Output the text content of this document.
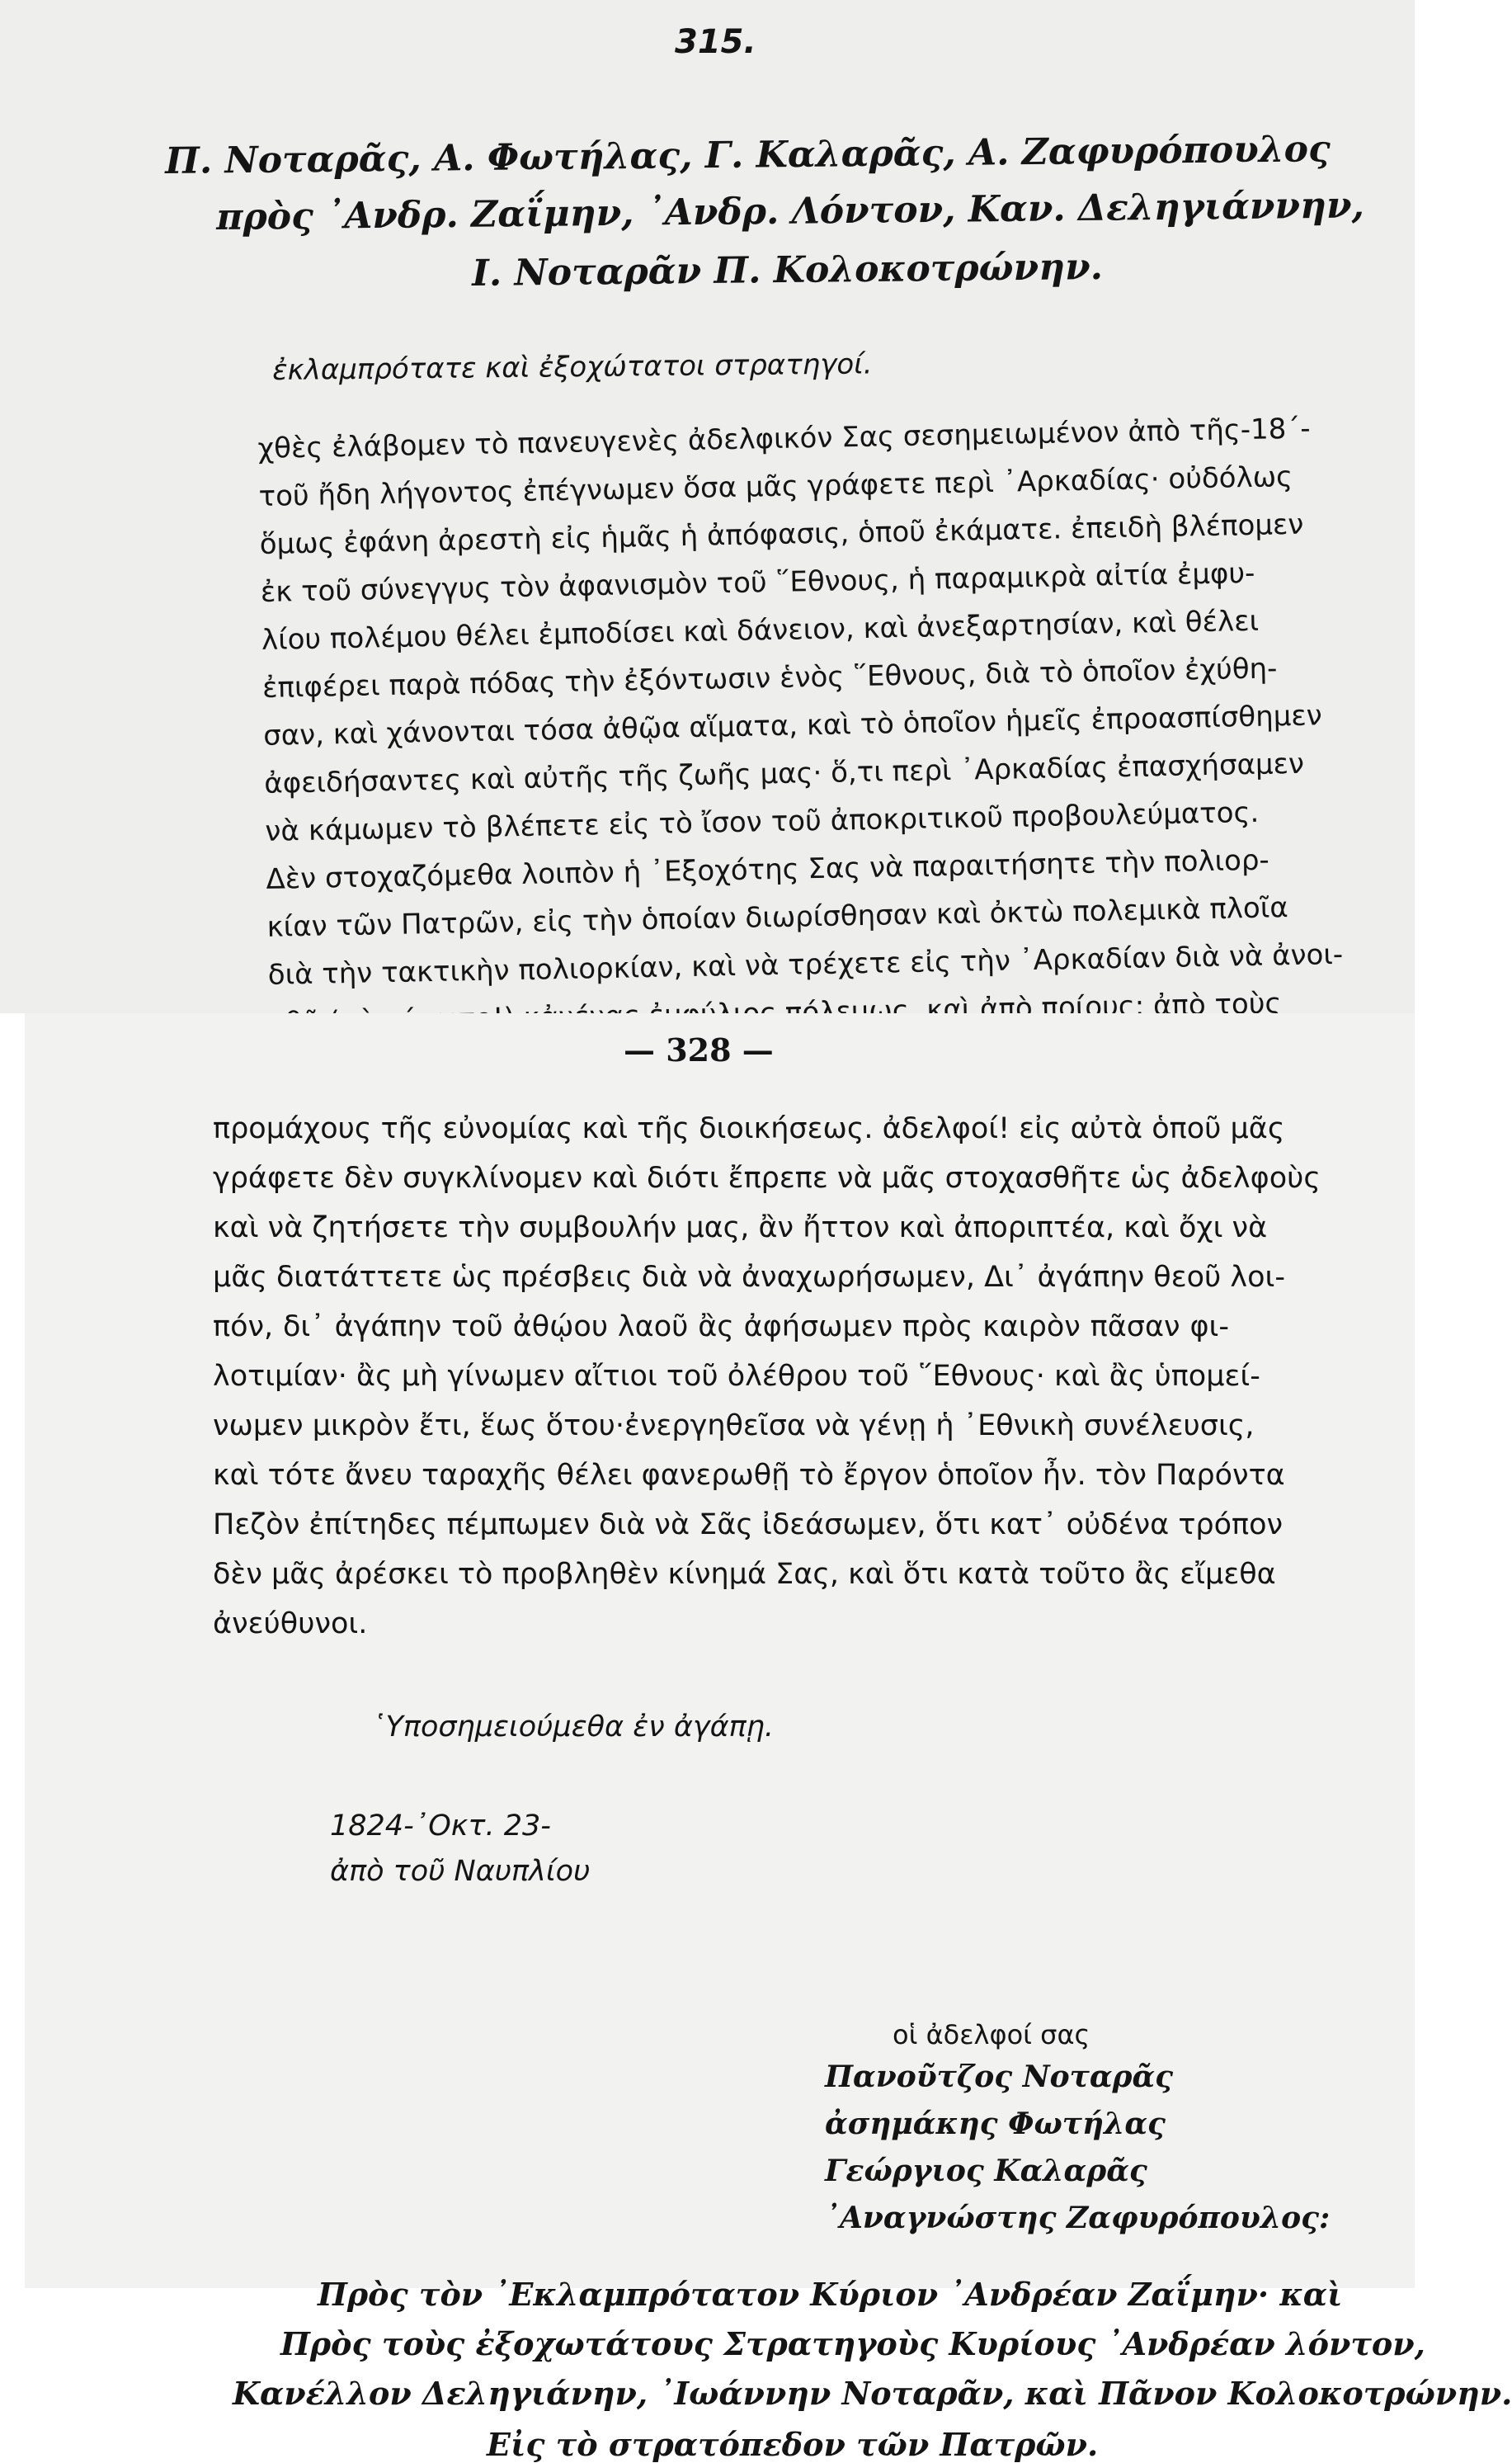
315.
Π. Νοταρᾶς, Α. Φωτήλας, Γ. Καλαρᾶς, Α. Ζαφυρόπουλος
πρὸς ᾿Ανδρ. Ζαΐμην, ᾿Ανδρ. Λόντον, Καν. Δεληγιάννην,
Ι. Νοταρᾶν Π. Κολοκοτρώνην.
ἐκλαμπρότατε καὶ ἐξοχώτατοι στρατηγοί.
χθὲς ἐλάβομεν τὸ πανευγενὲς ἀδελφικόν Σας σεσημειωμένον ἀπὸ τῆς-18΄-
τοῦ ἤδη λήγοντος ἐπέγνωμεν ὅσα μᾶς γράφετε περὶ ᾿Αρκαδίας· οὐδόλως
ὅμως ἐφάνη ἀρεστὴ εἰς ἡμᾶς ἡ ἀπόφασις, ὁποῦ ἐκάματε. ἐπειδὴ βλέπομεν
ἐκ τοῦ σύνεγγυς τὸν ἀφανισμὸν τοῦ ῞Εθνους, ἡ παραμικρὰ αἰτία ἐμφυ-
λίου πολέμου θέλει ἐμποδίσει καὶ δάνειον, καὶ ἀνεξαρτησίαν, καὶ θέλει
ἐπιφέρει παρὰ πόδας τὴν ἐξόντωσιν ἑνὸς ῞Εθνους, διὰ τὸ ὁποῖον ἐχύθη-
σαν, καὶ χάνονται τόσα ἀθῷα αἵματα, καὶ τὸ ὁποῖον ἡμεῖς ἐπροασπίσθημεν
ἀφειδήσαντες καὶ αὐτῆς τῆς ζωῆς μας· ὅ,τι περὶ ᾿Αρκαδίας ἐπασχήσαμεν
νὰ κάμωμεν τὸ βλέπετε εἰς τὸ ἴσον τοῦ ἀποκριτικοῦ προβουλεύματος.
Δὲν στοχαζόμεθα λοιπὸν ἡ ᾿Εξοχότης Σας νὰ παραιτήσητε τὴν πολιορ-
κίαν τῶν Πατρῶν, εἰς τὴν ὁποίαν διωρίσθησαν καὶ ὀκτὼ πολεμικὰ πλοῖα
διὰ τὴν τακτικὴν πολιορκίαν, καὶ νὰ τρέχετε εἰς τὴν ᾿Αρκαδίαν διὰ νὰ ἀνοι-
— 328 —
προμάχους τῆς εὐνομίας καὶ τῆς διοικήσεως. ἀδελφοί! εἰς αὐτὰ ὁποῦ μᾶς
γράφετε δὲν συγκλίνομεν καὶ διότι ἔπρεπε νὰ μᾶς στοχασθῆτε ὡς ἀδελφοὺς
καὶ νὰ ζητήσετε τὴν συμβουλήν μας, ἂν ἤττον καὶ ἀποριπτέα, καὶ ὄχι νὰ
μᾶς διατάττετε ὡς πρέσβεις διὰ νὰ ἀναχωρήσωμεν, Δι᾿ ἀγάπην θεοῦ λοι-
πόν, δι᾿ ἀγάπην τοῦ ἀθῴου λαοῦ ἂς ἀφήσωμεν πρὸς καιρὸν πᾶσαν φι-
λοτιμίαν· ἂς μὴ γίνωμεν αἴτιοι τοῦ ὀλέθρου τοῦ ῞Εθνους· καὶ ἂς ὑπομεί-
νωμεν μικρὸν ἔτι, ἕως ὅτου·ἐνεργηθεῖσα νὰ γένῃ ἡ ᾿Εθνικὴ συνέλευσις,
καὶ τότε ἄνευ ταραχῆς θέλει φανερωθῇ τὸ ἔργον ὁποῖον ἦν. τὸν Παρόντα
Πεζὸν ἐπίτηδες πέμπωμεν διὰ νὰ Σᾶς ἰδεάσωμεν, ὅτι κατ᾿ οὐδένα τρόπον
δὲν μᾶς ἀρέσκει τὸ προβληθὲν κίνημά Σας, καὶ ὅτι κατὰ τοῦτο ἂς εἴμεθα
ἀνεύθυνοι.
῾Υποσημειούμεθα ἐν ἀγάπῃ.
1824-᾿Οκτ. 23-
ἀπὸ τοῦ Ναυπλίου
οἱ ἀδελφοί σας
Πανοῦτζος Νοταρᾶς
ἀσημάκης Φωτήλας
Γεώργιος Καλαρᾶς
᾿Αναγνώστης Ζαφυρόπουλος:
Πρὸς τὸν ᾿Εκλαμπρότατον Κύριον ᾿Ανδρέαν Ζαΐμην· καὶ
Πρὸς τοὺς ἐξοχωτάτους Στρατηγοὺς Κυρίους ᾿Ανδρέαν λόντον,
Κανέλλον Δεληγιάνην, ᾿Ιωάννην Νοταρᾶν, καὶ Πᾶνον Κολοκοτρώνην.
Εἰς τὸ στρατόπεδον τῶν Πατρῶν.
